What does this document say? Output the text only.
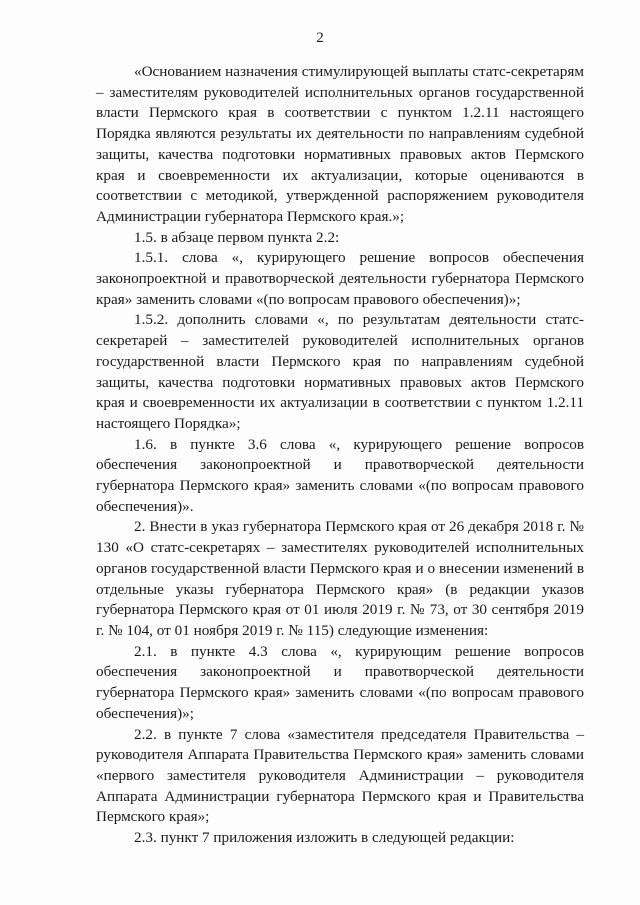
2

«Основанием назначения стимулирующей выплаты статс-секретарям – заместителям руководителей исполнительных органов государственной власти Пермского края в соответствии с пунктом 1.2.11 настоящего Порядка являются результаты их деятельности по направлениям судебной защиты, качества подготовки нормативных правовых актов Пермского края и своевременности их актуализации, которые оцениваются в соответствии с методикой, утвержденной распоряжением руководителя Администрации губернатора Пермского края.»;

1.5. в абзаце первом пункта 2.2:

1.5.1. слова «, курирующего решение вопросов обеспечения законопроектной и правотворческой деятельности губернатора Пермского края» заменить словами «(по вопросам правового обеспечения)»;

1.5.2. дополнить словами «, по результатам деятельности статс-секретарей – заместителей руководителей исполнительных органов государственной власти Пермского края по направлениям судебной защиты, качества подготовки нормативных правовых актов Пермского края и своевременности их актуализации в соответствии с пунктом 1.2.11 настоящего Порядка»;

1.6. в пункте 3.6 слова «, курирующего решение вопросов обеспечения законопроектной и правотворческой деятельности губернатора Пермского края» заменить словами «(по вопросам правового обеспечения)».

2. Внести в указ губернатора Пермского края от 26 декабря 2018 г. № 130 «О статс-секретарях – заместителях руководителей исполнительных органов государственной власти Пермского края и о внесении изменений в отдельные указы губернатора Пермского края» (в редакции указов губернатора Пермского края от 01 июля 2019 г. № 73, от 30 сентября 2019 г. № 104, от 01 ноября 2019 г. № 115) следующие изменения:

2.1. в пункте 4.3 слова «, курирующим решение вопросов обеспечения законопроектной и правотворческой деятельности губернатора Пермского края» заменить словами «(по вопросам правового обеспечения)»;

2.2. в пункте 7 слова «заместителя председателя Правительства – руководителя Аппарата Правительства Пермского края» заменить словами «первого заместителя руководителя Администрации – руководителя Аппарата Администрации губернатора Пермского края и Правительства Пермского края»;

2.3. пункт 7 приложения изложить в следующей редакции:
